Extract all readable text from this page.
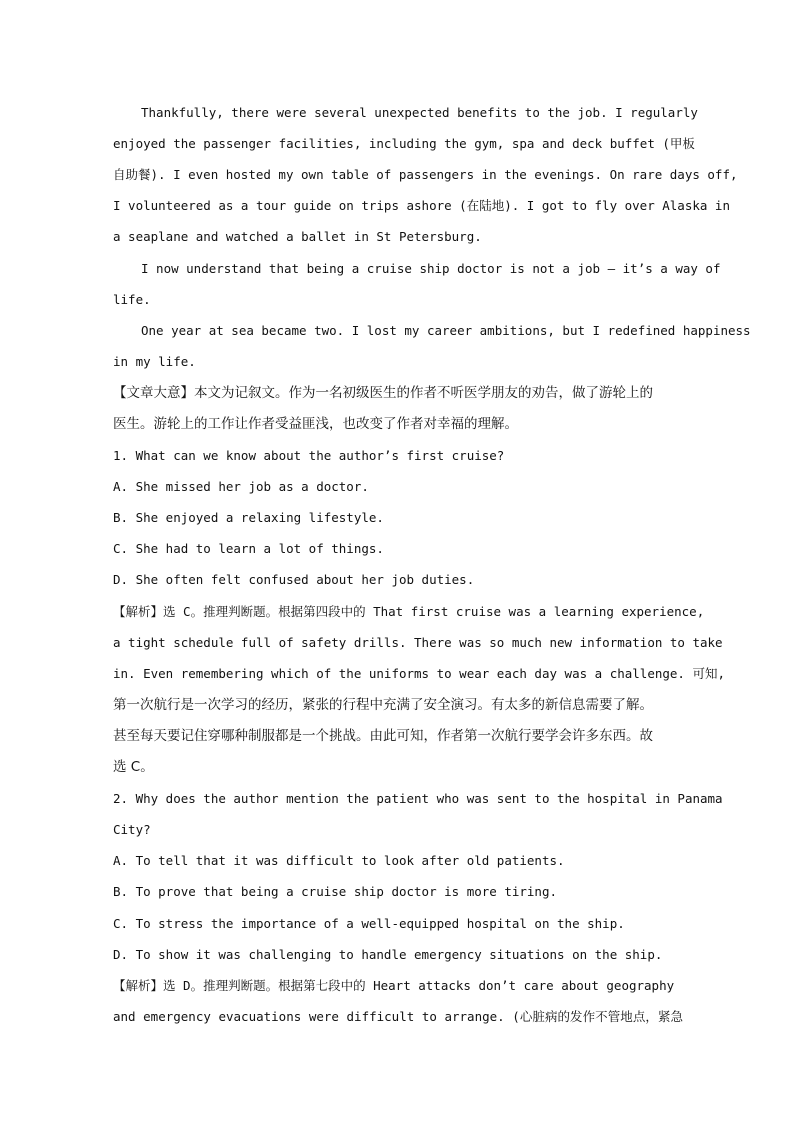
Thankfully, there were several unexpected benefits to the job. I regularly
enjoyed the passenger facilities, including the gym, spa and deck buffet (甲板
自助餐). I even hosted my own table of passengers in the evenings. On rare days off,
I volunteered as a tour guide on trips ashore (在陆地). I got to fly over Alaska in
a seaplane and watched a ballet in St Petersburg.
I now understand that being a cruise ship doctor is not a job — it’s a way of
life.
One year at sea became two. I lost my career ambitions, but I redefined happiness
in my life.
【文章大意】本文为记叙文。作为一名初级医生的作者不听医学朋友的劝告，做了游轮上的
医生。游轮上的工作让作者受益匪浅，也改变了作者对幸福的理解。
1. What can we know about the author’s first cruise?
A. She missed her job as a doctor.
B. She enjoyed a relaxing lifestyle.
C. She had to learn a lot of things.
D. She often felt confused about her job duties.
【解析】选 C。推理判断题。根据第四段中的 That first cruise was a learning experience,
a tight schedule full of safety drills. There was so much new information to take
in. Even remembering which of the uniforms to wear each day was a challenge. 可知,
第一次航行是一次学习的经历，紧张的行程中充满了安全演习。有太多的新信息需要了解。
甚至每天要记住穿哪种制服都是一个挑战。由此可知，作者第一次航行要学会许多东西。故
选 C。
2. Why does the author mention the patient who was sent to the hospital in Panama
City?
A. To tell that it was difficult to look after old patients.
B. To prove that being a cruise ship doctor is more tiring.
C. To stress the importance of a well-equipped hospital on the ship.
D. To show it was challenging to handle emergency situations on the ship.
【解析】选 D。推理判断题。根据第七段中的 Heart attacks don’t care about geography
and emergency evacuations were difficult to arrange. (心脏病的发作不管地点，紧急
